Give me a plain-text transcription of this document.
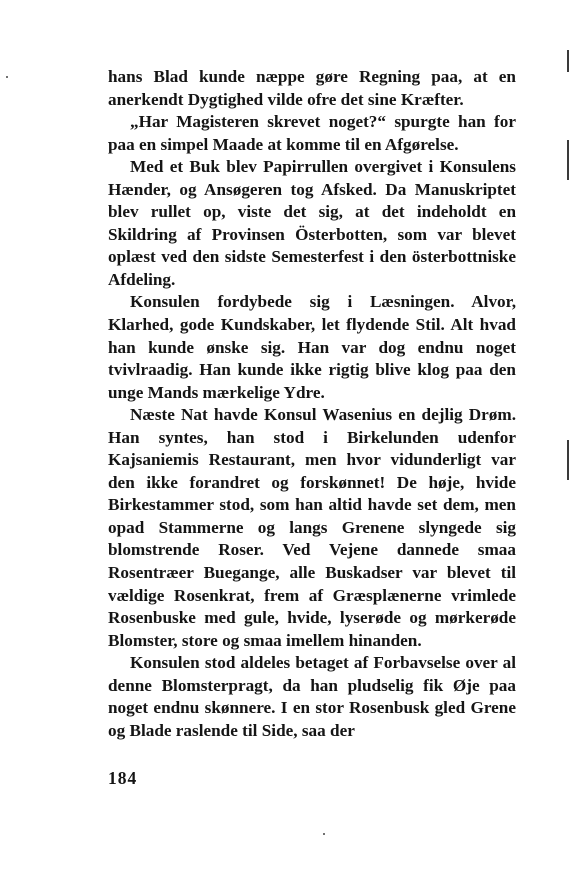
hans Blad kunde næppe gøre Regning paa, at en anerkendt Dygtighed vilde ofre det sine Kræfter.

„Har Magisteren skrevet noget?“ spurgte han for paa en simpel Maade at komme til en Afgørelse.

Med et Buk blev Papirrullen overgivet i Konsulens Hænder, og Ansøgeren tog Afsked. Da Manuskriptet blev rullet op, viste det sig, at det indeholdt en Skildring af Provinsen Österbotten, som var blevet oplæst ved den sidste Semesterfest i den österbottniske Afdeling.

Konsulen fordybede sig i Læsningen. Alvor, Klarhed, gode Kundskaber, let flydende Stil. Alt hvad han kunde ønske sig. Han var dog endnu noget tvivlraadig. Han kunde ikke rigtig blive klog paa den unge Mands mærkelige Ydre.

Næste Nat havde Konsul Wasenius en dejlig Drøm. Han syntes, han stod i Birkelunden udenfor Kajsaniemis Restaurant, men hvor vidunderligt var den ikke forandret og forskønnet! De høje, hvide Birkestammer stod, som han altid havde set dem, men opad Stammerne og langs Grenene slyngede sig blomstrende Roser. Ved Vejene dannede smaa Rosentræer Buegange, alle Buskadser var blevet til vældige Rosenkrat, frem af Græsplænerne vrimlede Rosenbuske med gule, hvide, lyserøde og mørkerøde Blomster, store og smaa imellem hinanden.

Konsulen stod aldeles betaget af Forbavselse over al denne Blomsterpragt, da han pludselig fik Øje paa noget endnu skønnere. I en stor Rosenbusk gled Grene og Blade raslende til Side, saa der

184
